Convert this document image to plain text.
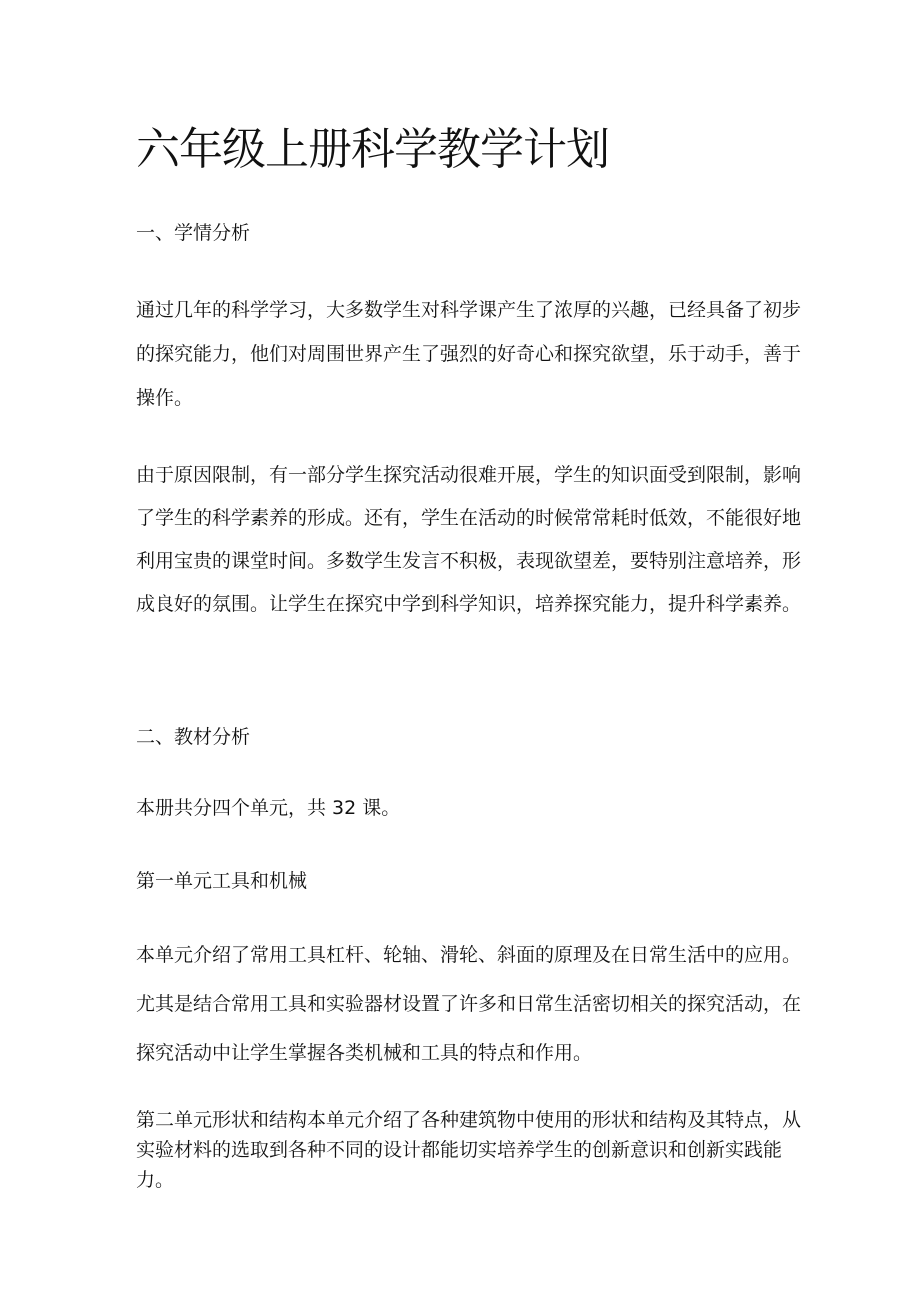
六年级上册科学教学计划

一、学情分析

通过几年的科学学习，大多数学生对科学课产生了浓厚的兴趣，已经具备了初步的探究能力，他们对周围世界产生了强烈的好奇心和探究欲望，乐于动手，善于操作。

由于原因限制，有一部分学生探究活动很难开展，学生的知识面受到限制，影响了学生的科学素养的形成。还有，学生在活动的时候常常耗时低效，不能很好地利用宝贵的课堂时间。多数学生发言不积极，表现欲望差，要特别注意培养，形成良好的氛围。让学生在探究中学到科学知识，培养探究能力，提升科学素养。

二、教材分析

本册共分四个单元，共 32 课。

第一单元工具和机械

本单元介绍了常用工具杠杆、轮轴、滑轮、斜面的原理及在日常生活中的应用。尤其是结合常用工具和实验器材设置了许多和日常生活密切相关的探究活动，在探究活动中让学生掌握各类机械和工具的特点和作用。

第二单元形状和结构本单元介绍了各种建筑物中使用的形状和结构及其特点，从实验材料的选取到各种不同的设计都能切实培养学生的创新意识和创新实践能力。
